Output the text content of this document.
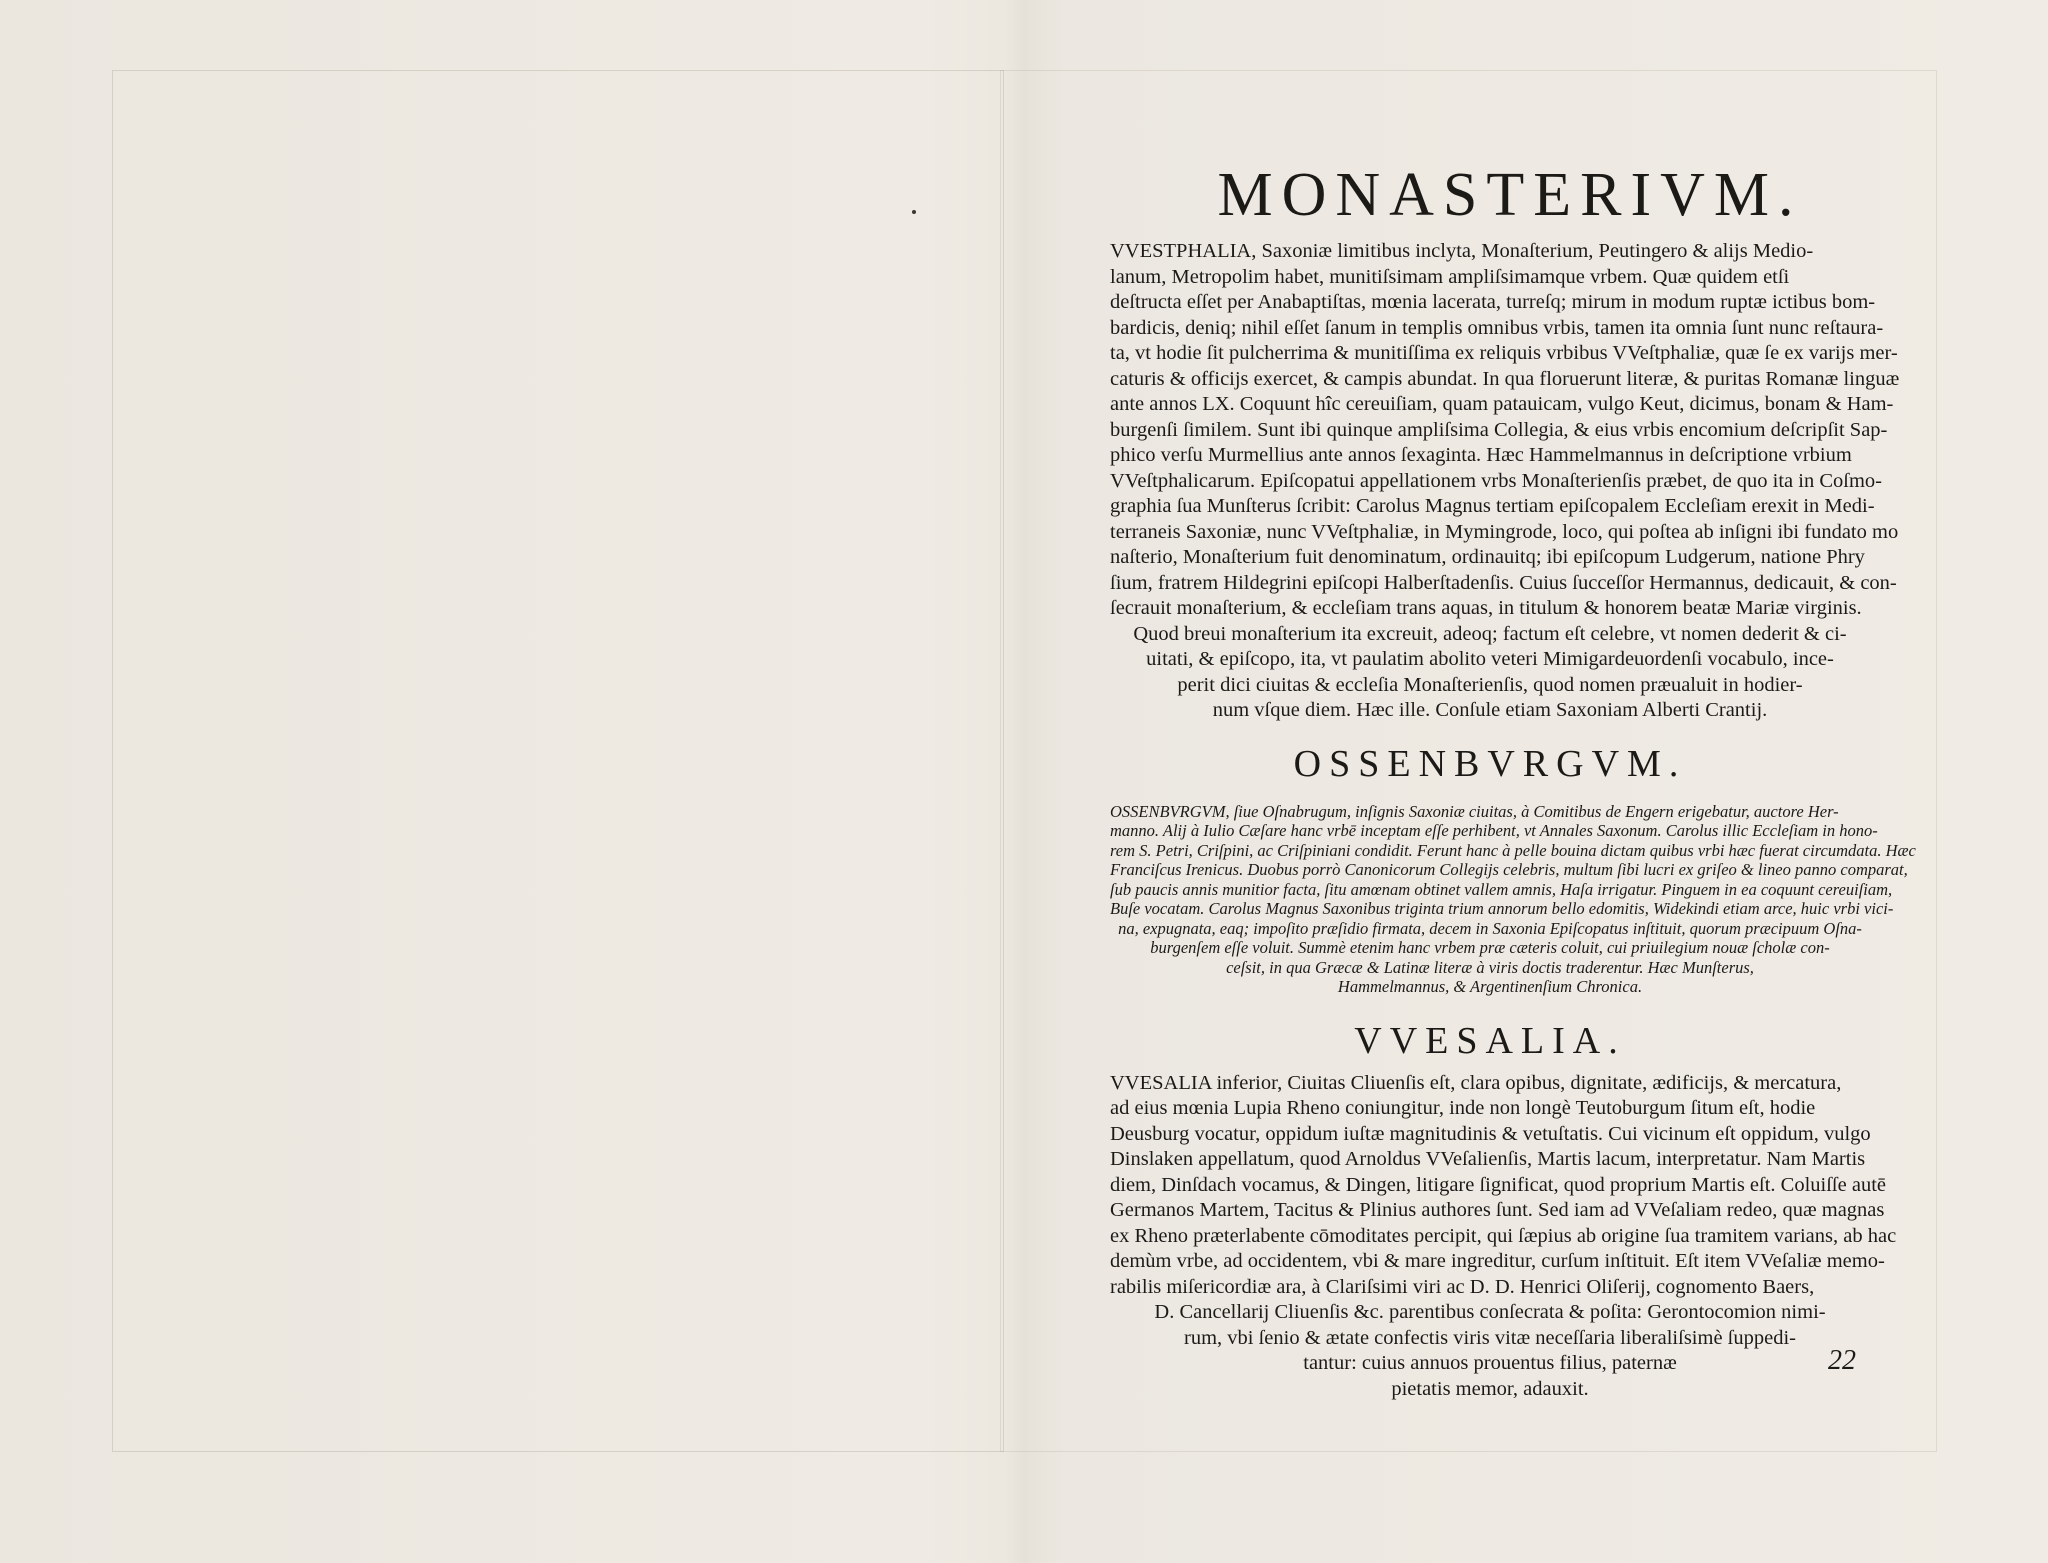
MONASTERIVM.
VVESTPHALIA, Saxoniæ limitibus inclyta, Monaſterium, Peutingero & alijs Medio-
lanum, Metropolim habet, munitiſsimam ampliſsimamque vrbem. Quæ quidem etſi
deſtructa eſſet per Anabaptiſtas, mœnia lacerata, turreſq; mirum in modum ruptæ ictibus bom-
bardicis, deniq; nihil eſſet ſanum in templis omnibus vrbis, tamen ita omnia ſunt nunc reſtaura-
ta, vt hodie ſit pulcherrima & munitiſſima ex reliquis vrbibus VVeſtphaliæ, quæ ſe ex varijs mer-
caturis & officijs exercet, & campis abundat. In qua floruerunt literæ, & puritas Romanæ linguæ
ante annos LX. Coquunt hîc cereuiſiam, quam patauicam, vulgo Keut, dicimus, bonam & Ham-
burgenſi ſimilem. Sunt ibi quinque ampliſsima Collegia, & eius vrbis encomium deſcripſit Sap-
phico verſu Murmellius ante annos ſexaginta. Hæc Hammelmannus in deſcriptione vrbium
VVeſtphalicarum. Epiſcopatui appellationem vrbs Monaſterienſis præbet, de quo ita in Coſmo-
graphia ſua Munſterus ſcribit: Carolus Magnus tertiam epiſcopalem Eccleſiam erexit in Medi-
terraneis Saxoniæ, nunc VVeſtphaliæ, in Mymingrode, loco, qui poſtea ab inſigni ibi fundato mo
naſterio, Monaſterium fuit denominatum, ordinauitq; ibi epiſcopum Ludgerum, natione Phry
ſium, fratrem Hildegrini epiſcopi Halberſtadenſis. Cuius ſucceſſor Hermannus, dedicauit, & con-
ſecrauit monaſterium, & eccleſiam trans aquas, in titulum & honorem beatæ Mariæ virginis.
Quod breui monaſterium ita excreuit, adeoq; factum eſt celebre, vt nomen dederit & ci-
uitati, & epiſcopo, ita, vt paulatim abolito veteri Mimigardeuordenſi vocabulo, ince-
perit dici ciuitas & eccleſia Monaſterienſis, quod nomen præualuit in hodier-
num vſque diem. Hæc ille. Conſule etiam Saxoniam Alberti Crantij.
OSSENBVRGVM.
OSSENBVRGVM, ſiue Oſnabrugum, inſignis Saxoniæ ciuitas, à Comitibus de Engern erigebatur, auctore Her-
manno. Alij à Iulio Cæſare hanc vrbē inceptam eſſe perhibent, vt Annales Saxonum. Carolus illic Eccleſiam in hono-
rem S. Petri, Criſpini, ac Criſpiniani condidit. Ferunt hanc à pelle bouina dictam quibus vrbi hæc fuerat circumdata. Hæc
Franciſcus Irenicus. Duobus porrò Canonicorum Collegijs celebris, multum ſibi lucri ex griſeo & lineo panno comparat,
ſub paucis annis munitior facta, ſitu amœnam obtinet vallem amnis, Haſa irrigatur. Pinguem in ea coquunt cereuiſiam,
Buſe vocatam. Carolus Magnus Saxonibus triginta trium annorum bello edomitis, Widekindi etiam arce, huic vrbi vici-
na, expugnata, eaq; impoſito præſidio firmata, decem in Saxonia Epiſcopatus inſtituit, quorum præcipuum Oſna-
burgenſem eſſe voluit. Summè etenim hanc vrbem præ cæteris coluit, cui priuilegium nouæ ſcholæ con-
ceſsit, in qua Græcæ & Latinæ literæ à viris doctis traderentur. Hæc Munſterus,
Hammelmannus, & Argentinenſium Chronica.
VVESALIA.
VVESALIA inferior, Ciuitas Cliuenſis eſt, clara opibus, dignitate, ædificijs, & mercatura,
ad eius mœnia Lupia Rheno coniungitur, inde non longè Teutoburgum ſitum eſt, hodie
Deusburg vocatur, oppidum iuſtæ magnitudinis & vetuſtatis. Cui vicinum eſt oppidum, vulgo
Dinslaken appellatum, quod Arnoldus VVeſalienſis, Martis lacum, interpretatur. Nam Martis
diem, Dinſdach vocamus, & Dingen, litigare ſignificat, quod proprium Martis eſt. Coluiſſe autē
Germanos Martem, Tacitus & Plinius authores ſunt. Sed iam ad VVeſaliam redeo, quæ magnas
ex Rheno præterlabente cōmoditates percipit, qui ſæpius ab origine ſua tramitem varians, ab hac
demùm vrbe, ad occidentem, vbi & mare ingreditur, curſum inſtituit. Eſt item VVeſaliæ memo-
rabilis miſericordiæ ara, à Clariſsimi viri ac D. D. Henrici Oliſerij, cognomento Baers,
D. Cancellarij Cliuenſis &c. parentibus conſecrata & poſita: Gerontocomion nimi-
rum, vbi ſenio & ætate confectis viris vitæ neceſſaria liberaliſsimè ſuppedi-
tantur: cuius annuos prouentus filius, paternæ
pietatis memor, adauxit.
22
